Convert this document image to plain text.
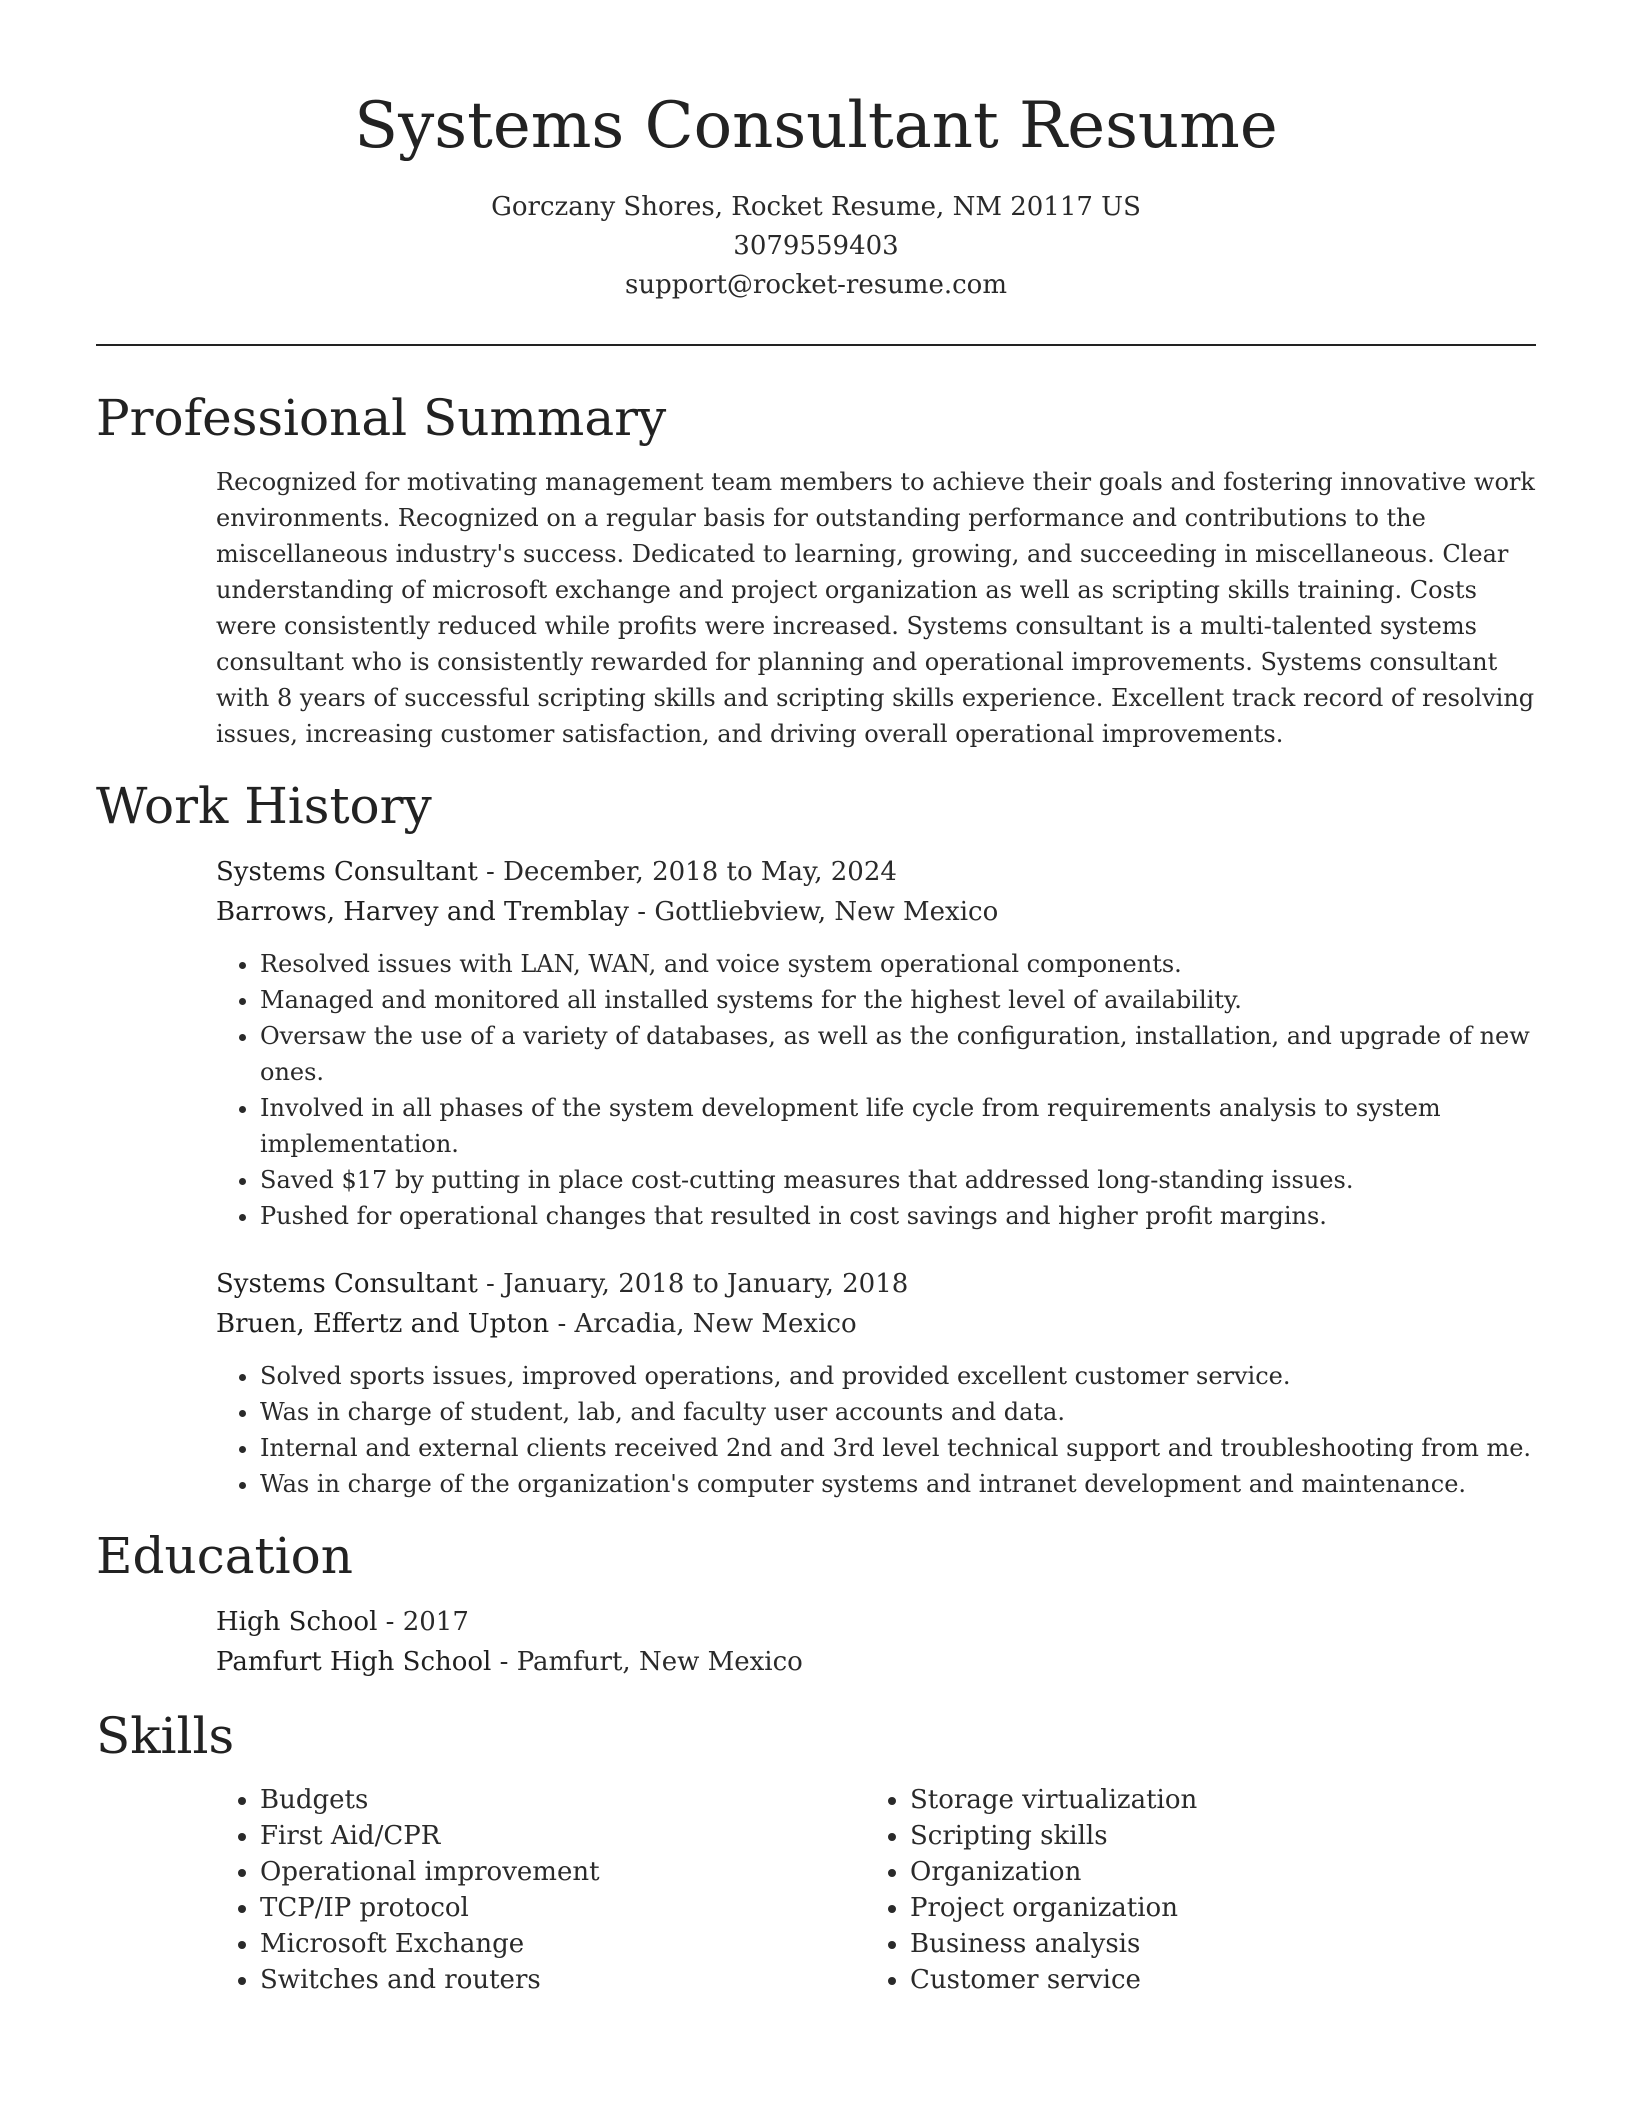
Systems Consultant Resume
Gorczany Shores, Rocket Resume, NM 20117 US
3079559403
support@rocket-resume.com
Professional Summary
Recognized for motivating management team members to achieve their goals and fostering innovative work environments. Recognized on a regular basis for outstanding performance and contributions to the miscellaneous industry's success. Dedicated to learning, growing, and succeeding in miscellaneous. Clear understanding of microsoft exchange and project organization as well as scripting skills training. Costs were consistently reduced while profits were increased. Systems consultant is a multi-talented systems consultant who is consistently rewarded for planning and operational improvements. Systems consultant with 8 years of successful scripting skills and scripting skills experience. Excellent track record of resolving issues, increasing customer satisfaction, and driving overall operational improvements.
Work History
Systems Consultant - December, 2018 to May, 2024
Barrows, Harvey and Tremblay - Gottliebview, New Mexico
• Resolved issues with LAN, WAN, and voice system operational components.
• Managed and monitored all installed systems for the highest level of availability.
• Oversaw the use of a variety of databases, as well as the configuration, installation, and upgrade of new ones.
• Involved in all phases of the system development life cycle from requirements analysis to system implementation.
• Saved $17 by putting in place cost-cutting measures that addressed long-standing issues.
• Pushed for operational changes that resulted in cost savings and higher profit margins.
Systems Consultant - January, 2018 to January, 2018
Bruen, Effertz and Upton - Arcadia, New Mexico
• Solved sports issues, improved operations, and provided excellent customer service.
• Was in charge of student, lab, and faculty user accounts and data.
• Internal and external clients received 2nd and 3rd level technical support and troubleshooting from me.
• Was in charge of the organization's computer systems and intranet development and maintenance.
Education
High School - 2017
Pamfurt High School - Pamfurt, New Mexico
Skills
• Budgets
• First Aid/CPR
• Operational improvement
• TCP/IP protocol
• Microsoft Exchange
• Switches and routers
• Storage virtualization
• Scripting skills
• Organization
• Project organization
• Business analysis
• Customer service
